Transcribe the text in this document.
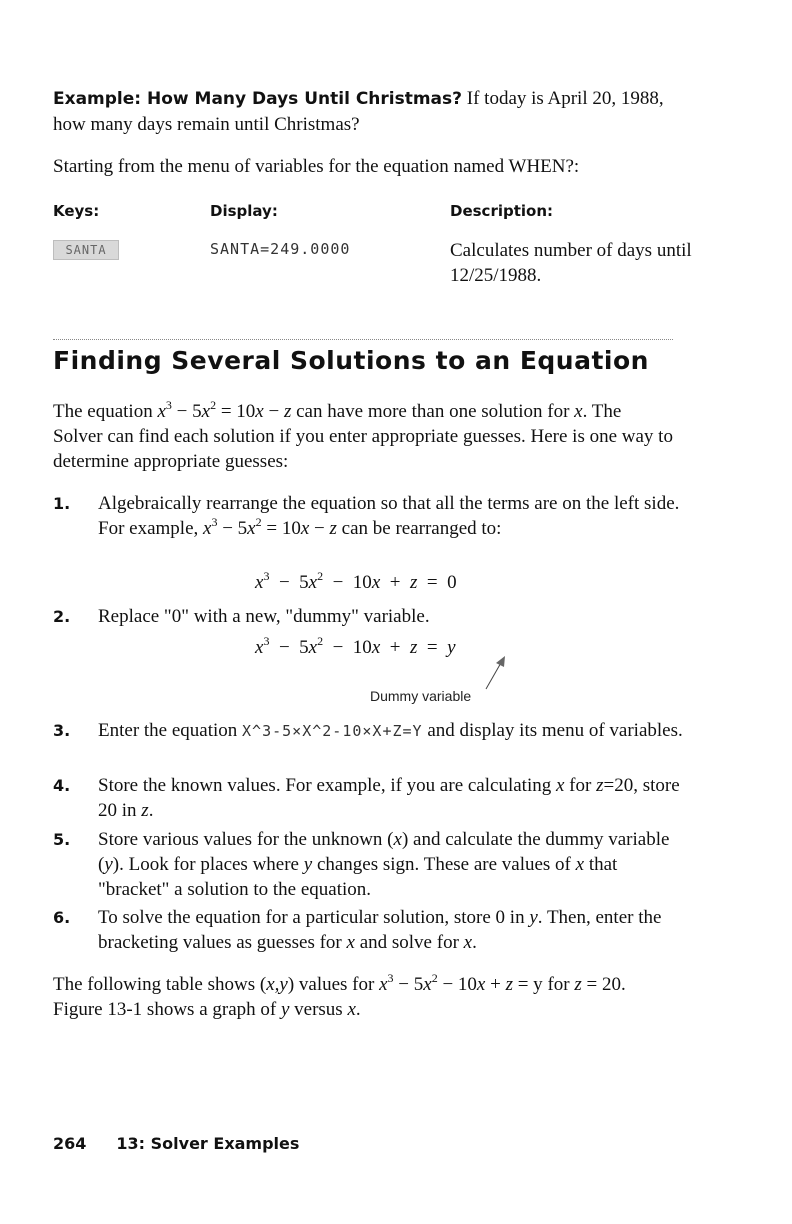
Example: How Many Days Until Christmas? If today is April 20, 1988, how many days remain until Christmas?
Starting from the menu of variables for the equation named WHEN?:
Keys:	Display:	Description:
SANTA	SANTA=249.0000	Calculates number of days until 12/25/1988.
Finding Several Solutions to an Equation
The equation $x^3 - 5x^2 = 10x - z$ can have more than one solution for x. The Solver can find each solution if you enter appropriate guesses. Here is one way to determine appropriate guesses:
1.	Algebraically rearrange the equation so that all the terms are on the left side. For example, $x^3 - 5x^2 = 10x - z$ can be rearranged to:
$x^3 - 5x^2 - 10x + z = 0$
2.	Replace "0" with a new, "dummy" variable.
$x^3 - 5x^2 - 10x + z = y$
Dummy variable
3.	Enter the equation X^3-5×X^2-10×X+Z=Y and display its menu of variables.
4.	Store the known values. For example, if you are calculating x for z=20, store 20 in z.
5.	Store various values for the unknown (x) and calculate the dummy variable (y). Look for places where y changes sign. These are values of x that "bracket" a solution to the equation.
6.	To solve the equation for a particular solution, store 0 in y. Then, enter the bracketing values as guesses for x and solve for x.
The following table shows (x,y) values for $x^3 - 5x^2 - 10x + z = y$ for z = 20. Figure 13-1 shows a graph of y versus x.
264 13: Solver Examples
